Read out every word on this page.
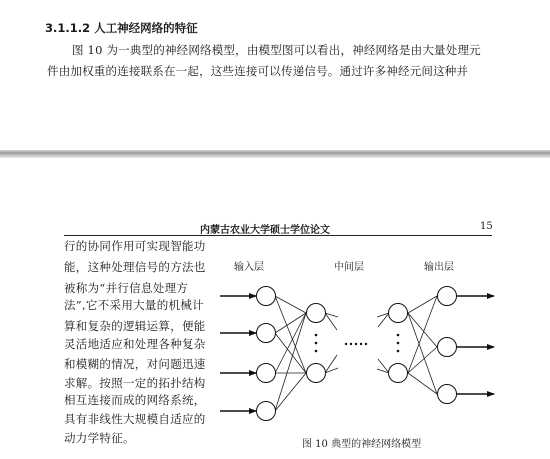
3.1.1.2 人工神经网络的特征
图 10 为一典型的神经网络模型，由模型图可以看出，神经网络是由大量处理元
件由加权重的连接联系在一起，这些连接可以传递信号。通过许多神经元间这种并
内蒙古农业大学硕士学位论文	15
行的协同作用可实现智能功
能，这种处理信号的方法也
被称为“并行信息处理方
法”,它不采用大量的机械计
算和复杂的逻辑运算，便能
灵活地适应和处理各种复杂
和模糊的情况，对问题迅速
求解。按照一定的拓扑结构
相互连接而成的网络系统，
具有非线性大规模自适应的
动力学特征。
输入层	中间层	输出层
图 10 典型的神经网络模型
